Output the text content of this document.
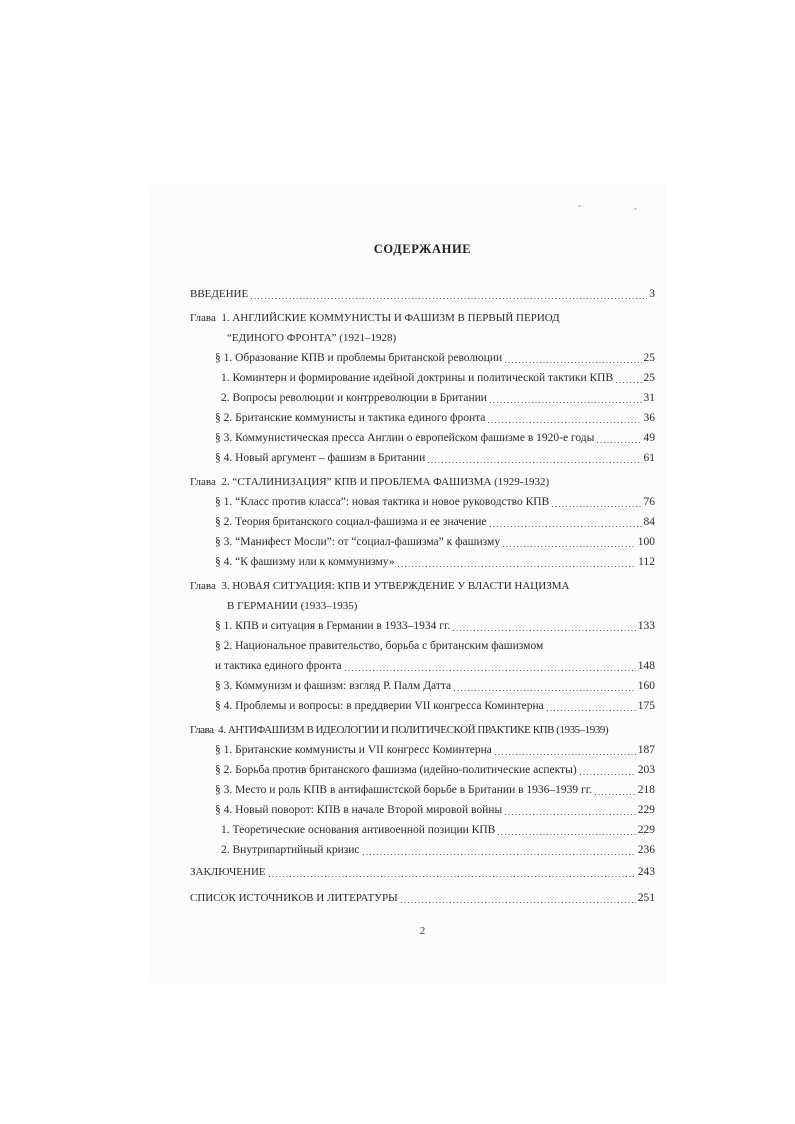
СОДЕРЖАНИЕ
ВВЕДЕНИЕ	3
Глава  1. АНГЛИЙСКИЕ КОММУНИСТЫ И ФАШИЗМ В ПЕРВЫЙ ПЕРИОД
“ЕДИНОГО ФРОНТА” (1921–1928)
§ 1. Образование КПВ и проблемы британской революции	25
1. Коминтерн и формирование идейной доктрины и политической тактики КПВ	25
2. Вопросы революции и контрреволюции в Британии	31
§ 2. Британские коммунисты и тактика единого фронта	36
§ 3. Коммунистическая пресса Англии о европейском фашизме в 1920-е годы	49
§ 4. Новый аргумент – фашизм в Британии	61
Глава  2. “СТАЛИНИЗАЦИЯ” КПВ И ПРОБЛЕМА ФАШИЗМА (1929-1932)
§ 1. “Класс против класса”: новая тактика и новое руководство КПВ	76
§ 2. Теория британского социал-фашизма и ее значение	84
§ 3. “Манифест Мосли”: от “социал-фашизма” к фашизму	100
§ 4. “К фашизму или к коммунизму»	112
Глава  3. НОВАЯ СИТУАЦИЯ: КПВ И УТВЕРЖДЕНИЕ У ВЛАСТИ НАЦИЗМА
В ГЕРМАНИИ (1933–1935)
§ 1. КПВ и ситуация в Германии в 1933–1934 гг.	133
§ 2. Национальное правительство, борьба с британским фашизмом
и тактика единого фронта	148
§ 3. Коммунизм и фашизм: взгляд Р. Палм Датта	160
§ 4. Проблемы и вопросы: в преддверии VII конгресса Коминтерна	175
Глава  4. АНТИФАШИЗМ В ИДЕОЛОГИИ И ПОЛИТИЧЕСКОЙ ПРАКТИКЕ КПВ (1935–1939)
§ 1. Британские коммунисты и VII конгресс Коминтерна	187
§ 2. Борьба против британского фашизма (идейно-политические аспекты)	203
§ 3. Место и роль КПВ в антифашистской борьбе в Британии в 1936–1939 гг.	218
§ 4. Новый поворот: КПВ в начале Второй мировой войны	229
1. Теоретические основания антивоенной позиции КПВ	229
2. Внутрипартийный кризис	236
ЗАКЛЮЧЕНИЕ	243
СПИСОК ИСТОЧНИКОВ И ЛИТЕРАТУРЫ	251
2
